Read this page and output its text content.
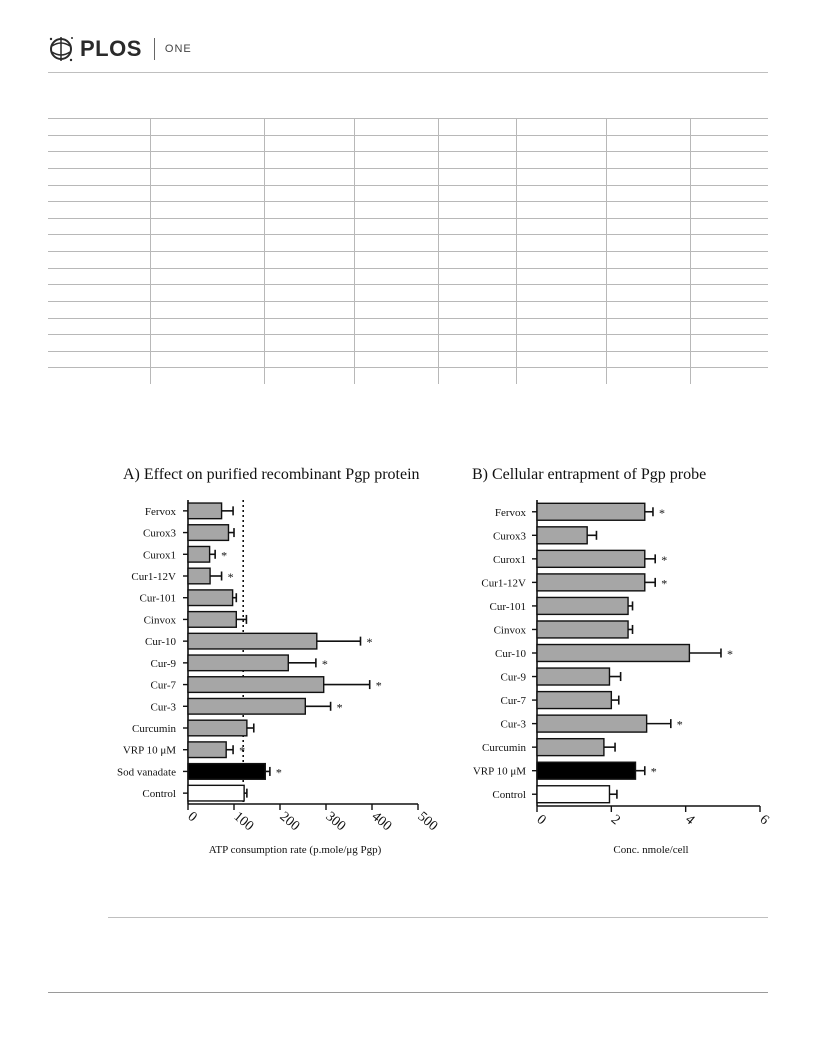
PLOS ONE
A) Effect on purified recombinant Pgp protein
0 100 200 300 400 500
ATP consumption rate (p.mole/μg Pgp)
Fervox
Curox3
Curox1	*
Cur1-12V	*
Cur-101
Cinvox
Cur-10	*
Cur-9	*
Cur-7	*
Cur-3	*
Curcumin
VRP 10 μM	*
Sod vanadate	*
Control
B) Cellular entrapment of Pgp probe
0	2	4	6
Conc. nmole/cell
Fervox	*
Curox3
Curox1	*
Cur1-12V	*
Cur-101
Cinvox
Cur-10	*
Cur-9
Cur-7
Cur-3	*
Curcumin
VRP 10 μM	*
Control
